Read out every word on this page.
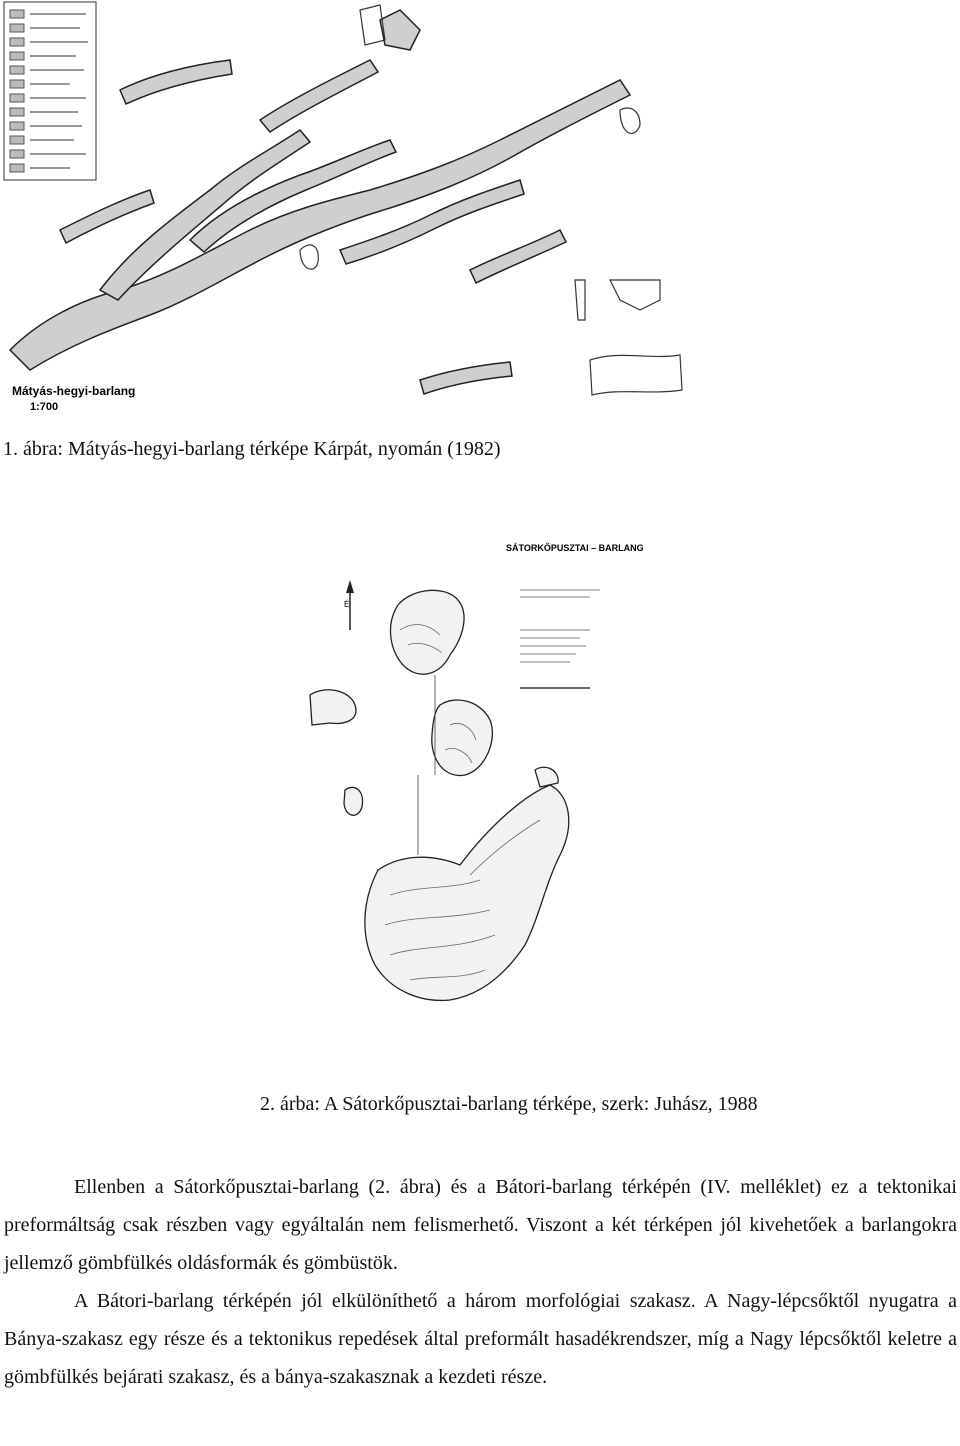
Mátyás-hegyi-barlang
1:700
1. ábra: Mátyás-hegyi-barlang térképe Kárpát, nyomán (1982)
SÁTORKŐPUSZTAI – BARLANG
É
2. árba: A Sátorkőpusztai-barlang térképe, szerk: Juhász, 1988

Ellenben a Sátorkőpusztai-barlang (2. ábra) és a Bátori-barlang térképén (IV. melléklet) ez a tektonikai preformáltság csak részben vagy egyáltalán nem felismerhető. Viszont a két térképen jól kivehetőek a barlangokra jellemző gömbfülkés oldásformák és gömbüstök.

A Bátori-barlang térképén jól elkülöníthető a három morfológiai szakasz. A Nagy-lépcsőktől nyugatra a Bánya-szakasz egy része és a tektonikus repedések által preformált hasadékrendszer, míg a Nagy lépcsőktől keletre a gömbfülkés bejárati szakasz, és a bánya-szakasznak a kezdeti része.
